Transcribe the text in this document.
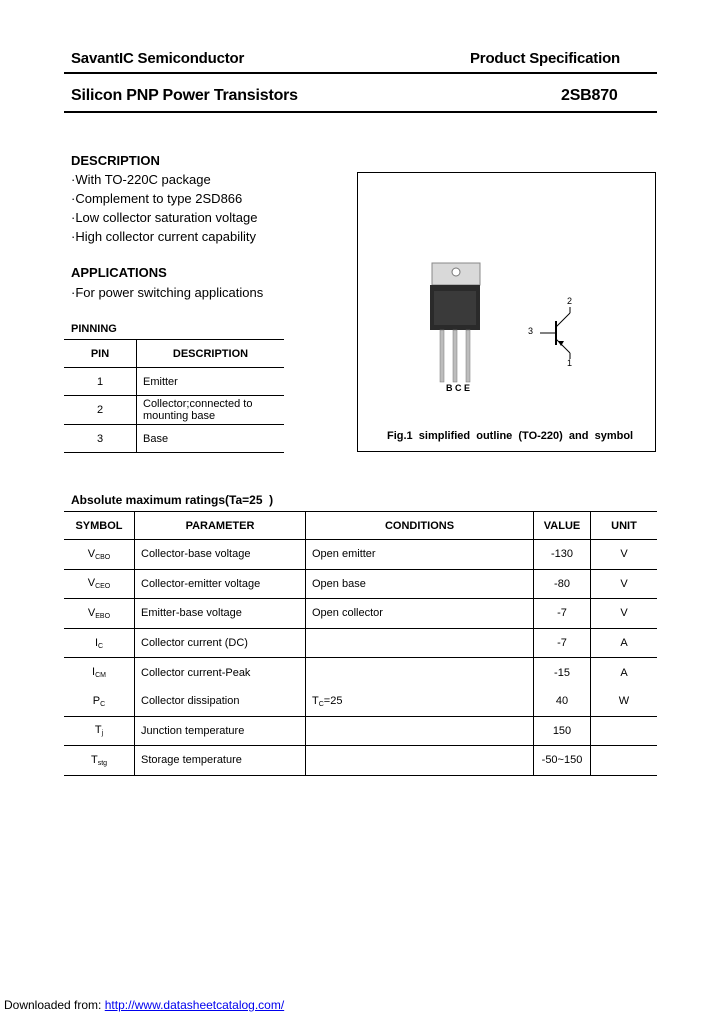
SavantIC Semiconductor	Product Specification
Silicon PNP Power Transistors	2SB870
DESCRIPTION
·With TO-220C package
·Complement to type 2SD866
·Low collector saturation voltage
·High collector current capability
APPLICATIONS
·For power switching applications
PINNING
PIN	DESCRIPTION
1	Emitter
2	Collector;connected to mounting base
3	Base
B C E
3
2
1
Fig.1  simplified  outline  (TO-220)  and  symbol
Absolute maximum ratings(Ta=25  )
SYMBOL	PARAMETER	CONDITIONS	VALUE	UNIT
$V_{CBO}$	Collector-base voltage	Open emitter	-130	V
$V_{CEO}$	Collector-emitter voltage	Open base	-80	V
$V_{EBO}$	Emitter-base voltage	Open collector	-7	V
$I_C$	Collector current (DC)		-7	A
$I_{CM}$	Collector current-Peak		-15	A
$P_C$	Collector dissipation	$T_C=25$	40	W
$T_j$	Junction temperature		150	
$T_{stg}$	Storage temperature		-50~150	
Downloaded from: http://www.datasheetcatalog.com/
